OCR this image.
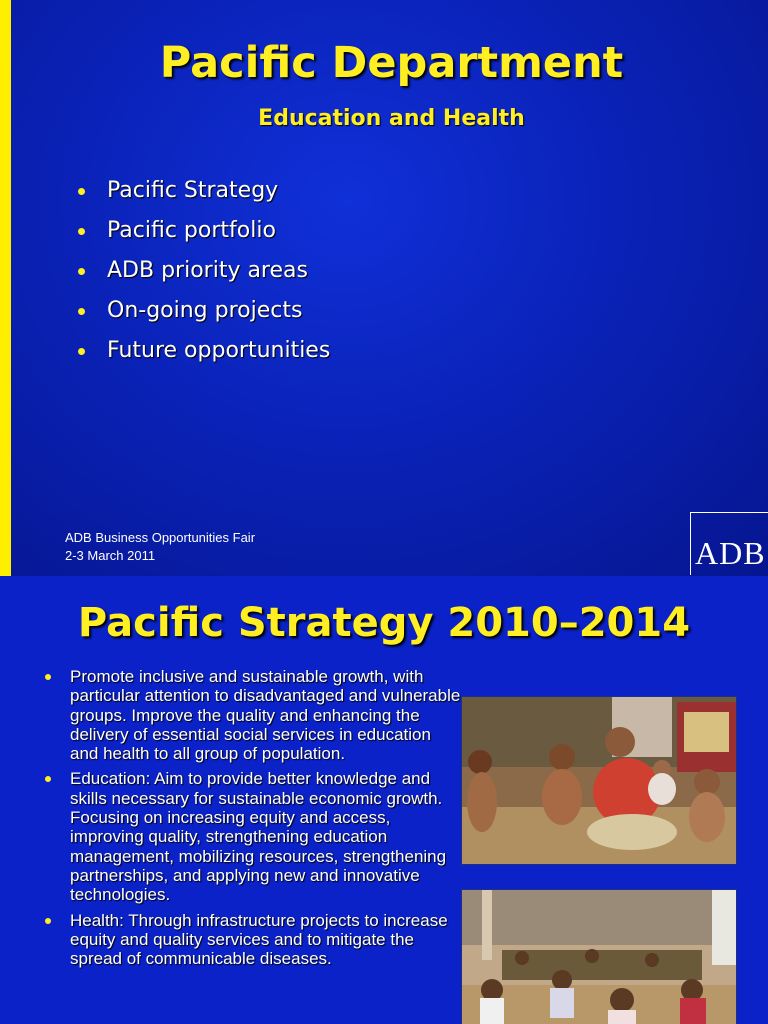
Pacific Department
Education and Health
Pacific Strategy
Pacific portfolio
ADB priority areas
On-going projects
Future opportunities
ADB Business Opportunities Fair
2-3 March 2011	ADB
Pacific Strategy 2010–2014
Promote inclusive and sustainable growth, with particular attention to disadvantaged and vulnerable groups. Improve the quality and enhancing the delivery of essential social services in education and health to all group of population.
Education: Aim to provide better knowledge and skills necessary for sustainable economic growth. Focusing on increasing equity and access, improving quality, strengthening education management, mobilizing resources, strengthening partnerships, and applying new and innovative technologies.
Health: Through infrastructure projects to increase equity and quality services and to mitigate the spread of communicable diseases.
